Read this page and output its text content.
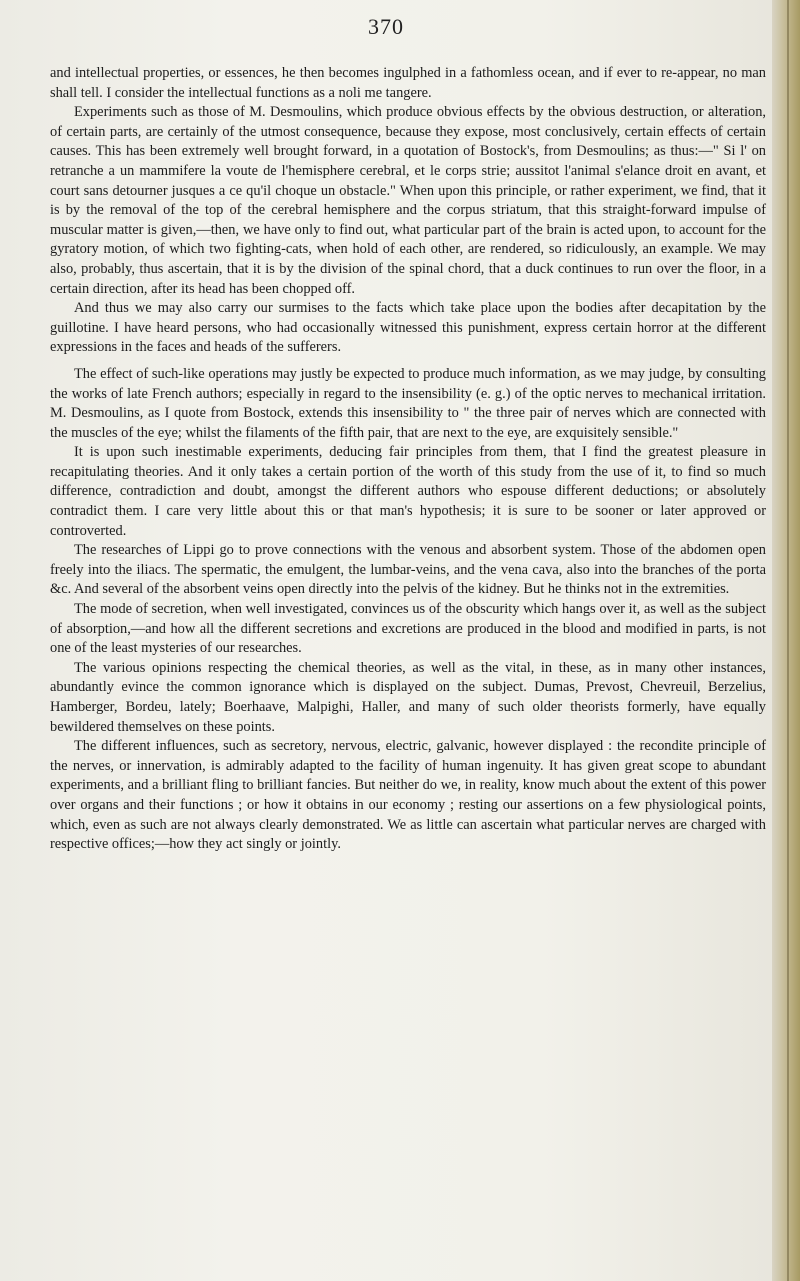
370

and intellectual properties, or essences, he then becomes ingulphed in a fathomless ocean, and if ever to re-appear, no man shall tell. I consider the intellectual functions as a noli me tangere.

Experiments such as those of M. Desmoulins, which produce obvious effects by the obvious destruction, or alteration, of certain parts, are certainly of the utmost consequence, because they expose, most conclusively, certain effects of certain causes. This has been extremely well brought forward, in a quotation of Bostock's, from Desmoulins; as thus:—" Si l' on retranche a un mammifere la voute de l'hemisphere cerebral, et le corps strie; aussitot l'animal s'elance droit en avant, et court sans detourner jusques a ce qu'il choque un obstacle." When upon this principle, or rather experiment, we find, that it is by the removal of the top of the cerebral hemisphere and the corpus striatum, that this straight-forward impulse of muscular matter is given,—then, we have only to find out, what particular part of the brain is acted upon, to account for the gyratory motion, of which two fighting-cats, when hold of each other, are rendered, so ridiculously, an example. We may also, probably, thus ascertain, that it is by the division of the spinal chord, that a duck continues to run over the floor, in a certain direction, after its head has been chopped off.

And thus we may also carry our surmises to the facts which take place upon the bodies after decapitation by the guillotine. I have heard persons, who had occasionally witnessed this punishment, express certain horror at the different expressions in the faces and heads of the sufferers.

The effect of such-like operations may justly be expected to produce much information, as we may judge, by consulting the works of late French authors; especially in regard to the insensibility (e. g.) of the optic nerves to mechanical irritation. M. Desmoulins, as I quote from Bostock, extends this insensibility to " the three pair of nerves which are connected with the muscles of the eye; whilst the filaments of the fifth pair, that are next to the eye, are exquisitely sensible."

It is upon such inestimable experiments, deducing fair principles from them, that I find the greatest pleasure in recapitulating theories. And it only takes a certain portion of the worth of this study from the use of it, to find so much difference, contradiction and doubt, amongst the different authors who espouse different deductions; or absolutely contradict them. I care very little about this or that man's hypothesis; it is sure to be sooner or later approved or controverted.

The researches of Lippi go to prove connections with the venous and absorbent system. Those of the abdomen open freely into the iliacs. The spermatic, the emulgent, the lumbar-veins, and the vena cava, also into the branches of the porta &c. And several of the absorbent veins open directly into the pelvis of the kidney. But he thinks not in the extremities.

The mode of secretion, when well investigated, convinces us of the obscurity which hangs over it, as well as the subject of absorption,—and how all the different secretions and excretions are produced in the blood and modified in parts, is not one of the least mysteries of our researches.

The various opinions respecting the chemical theories, as well as the vital, in these, as in many other instances, abundantly evince the common ignorance which is displayed on the subject. Dumas, Prevost, Chevreuil, Berzelius, Hamberger, Bordeu, lately; Boerhaave, Malpighi, Haller, and many of such older theorists formerly, have equally bewildered themselves on these points.

The different influences, such as secretory, nervous, electric, galvanic, however displayed : the recondite principle of the nerves, or innervation, is admirably adapted to the facility of human ingenuity. It has given great scope to abundant experiments, and a brilliant fling to brilliant fancies. But neither do we, in reality, know much about the extent of this power over organs and their functions ; or how it obtains in our economy ; resting our assertions on a few physiological points, which, even as such are not always clearly demonstrated. We as little can ascertain what particular nerves are charged with respective offices;—how they act singly or jointly.
